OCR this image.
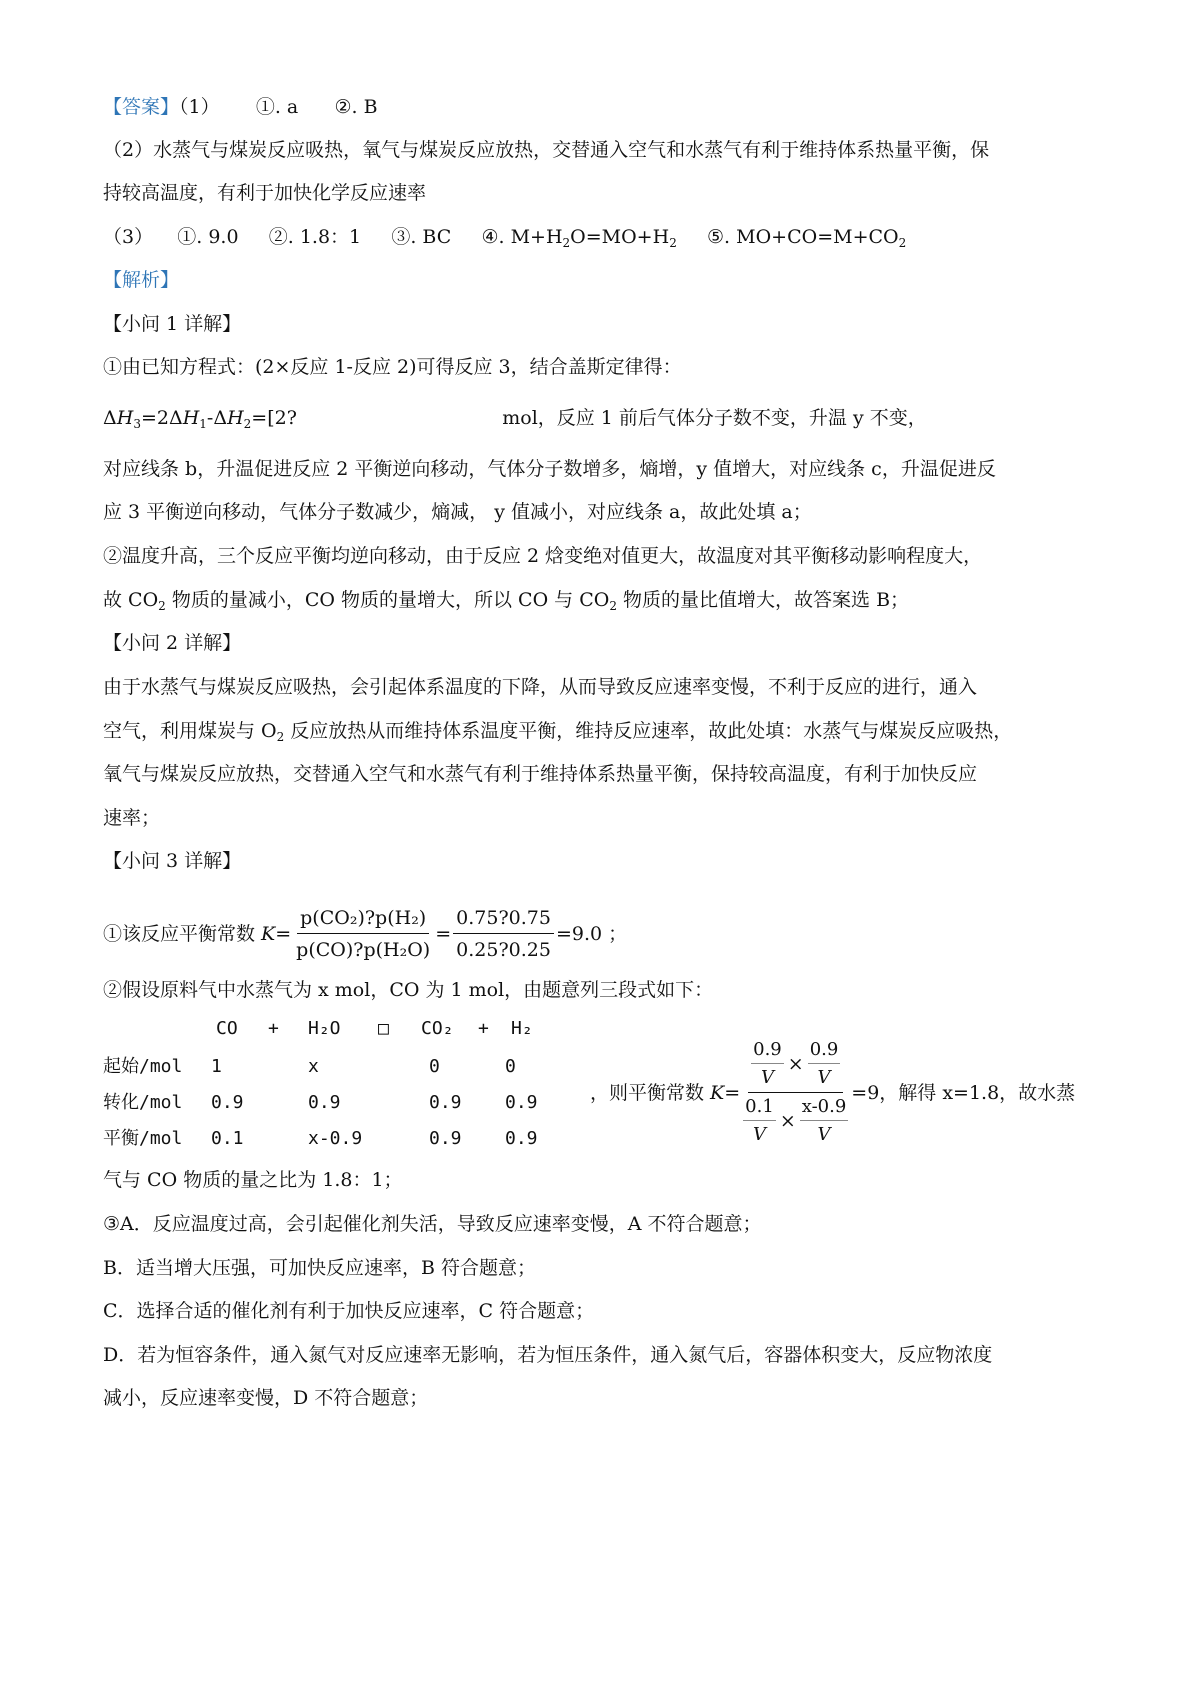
【答案】（1）      ①. a      ②. B
（2）水蒸气与煤炭反应吸热，氧气与煤炭反应放热，交替通入空气和水蒸气有利于维持体系热量平衡，保
持较高温度，有利于加快化学反应速率
（3）    ①. 9.0     ②. 1.8：1     ③. BC     ④. $M+H_2O=MO+H_2$     ⑤. $MO+CO=M+CO_2$
【解析】
【小问 1 详解】
①由已知方程式：(2×反应 1-反应 2)可得反应 3，结合盖斯定律得：
$\Delta H_3=2\Delta H_1-\Delta H_2=[2$?                                  mol，反应 1 前后气体分子数不变，升温 y 不变，
对应线条 b，升温促进反应 2 平衡逆向移动，气体分子数增多，熵增，y 值增大，对应线条 c，升温促进反
应 3 平衡逆向移动，气体分子数减少，熵减， y 值减小，对应线条 a，故此处填 a；
②温度升高，三个反应平衡均逆向移动，由于反应 2 焓变绝对值更大，故温度对其平衡移动影响程度大，
故 $CO_2$ 物质的量减小，CO 物质的量增大，所以 CO 与 $CO_2$ 物质的量比值增大，故答案选 B；
【小问 2 详解】
由于水蒸气与煤炭反应吸热，会引起体系温度的下降，从而导致反应速率变慢，不利于反应的进行，通入
空气，利用煤炭与 $O_2$ 反应放热从而维持体系温度平衡，维持反应速率，故此处填：水蒸气与煤炭反应吸热，
氧气与煤炭反应放热，交替通入空气和水蒸气有利于维持体系热量平衡，保持较高温度，有利于加快反应
速率；
【小问 3 详解】
②假设原料气中水蒸气为 x mol，CO 为 1 mol，由题意列三段式如下：
气与 CO 物质的量之比为 1.8：1；
③A．反应温度过高，会引起催化剂失活，导致反应速率变慢，A 不符合题意；
B．适当增大压强，可加快反应速率，B 符合题意；
C．选择合适的催化剂有利于加快反应速率，C 符合题意；
D．若为恒容条件，通入氮气对反应速率无影响，若为恒压条件，通入氮气后，容器体积变大，反应物浓度
减小，反应速率变慢，D 不符合题意；
①该反应平衡常数 $K = \frac{\text{p(CO₂)?p(H₂)}}{\text{p(CO)?p(H₂O)}} = \frac{0.75?0.75}{0.25?0.25} =9.0$ ；
CO + H₂O □ CO₂ + H₂
起始/mol 1	x	0	0
转化/mol 0.9	0.9	0.9 0.9
平衡/mol 0.1	x-0.9	0.9 0.9
，则平衡常数 $K = \frac{\frac{0.9}{V} \times \frac{0.9}{V}}{\frac{0.1}{V} \times \frac{x-0.9}{V}} =9$，解得 x=1.8，故水蒸
